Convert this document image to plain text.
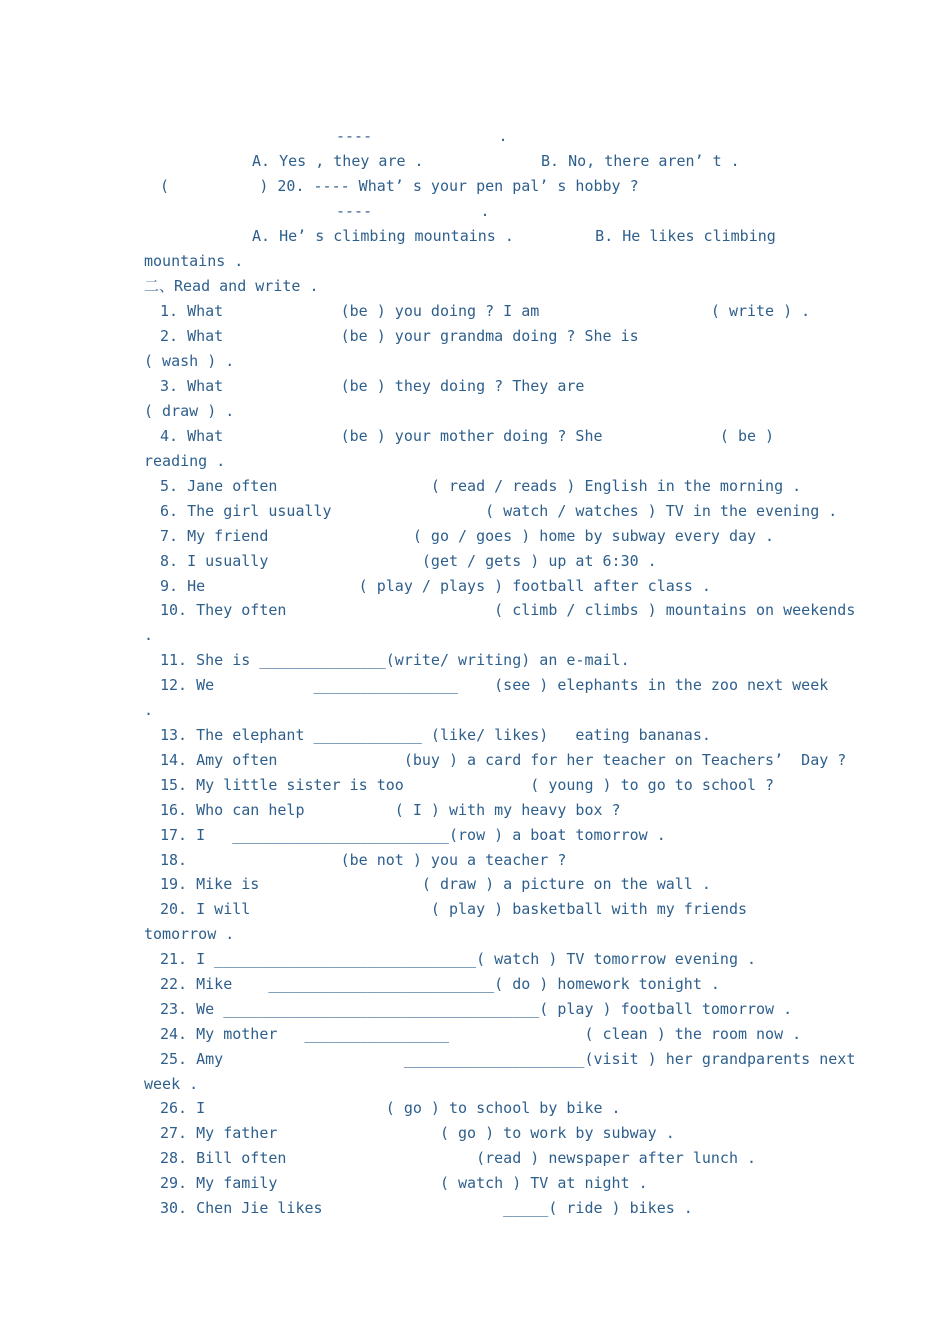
----              .
A. Yes , they are .             B. No, there aren’ t .
(          ) 20. ---- What’ s your pen pal’ s hobby ?
----            .
A. He’ s climbing mountains .         B. He likes climbing
mountains .
二、Read and write .
1. What             (be ) you doing ? I am                   ( write ) .
2. What             (be ) your grandma doing ? She is
( wash ) .
3. What             (be ) they doing ? They are
( draw ) .
4. What             (be ) your mother doing ? She             ( be )
reading .
5. Jane often                 ( read / reads ) English in the morning .
6. The girl usually                 ( watch / watches ) TV in the evening .
7. My friend                ( go / goes ) home by subway every day .
8. I usually                 (get / gets ) up at 6:30 .
9. He                 ( play / plays ) football after class .
10. They often                       ( climb / climbs ) mountains on weekends
.
11. She is ______________(write/ writing) an e-mail.
12. We           ________________    (see ) elephants in the zoo next week
.
13. The elephant ____________ (like/ likes)   eating bananas.
14. Amy often              (buy ) a card for her teacher on Teachers’  Day ?
15. My little sister is too              ( young ) to go to school ?
16. Who can help          ( I ) with my heavy box ?
17. I   ________________________(row ) a boat tomorrow .
18.                 (be not ) you a teacher ?
19. Mike is                  ( draw ) a picture on the wall .
20. I will                    ( play ) basketball with my friends
tomorrow .
21. I _____________________________( watch ) TV tomorrow evening .
22. Mike    _________________________( do ) homework tonight .
23. We ___________________________________( play ) football tomorrow .
24. My mother   ________________               ( clean ) the room now .
25. Amy                    ____________________(visit ) her grandparents next
week .
26. I                    ( go ) to school by bike .
27. My father                  ( go ) to work by subway .
28. Bill often                     (read ) newspaper after lunch .
29. My family                  ( watch ) TV at night .
30. Chen Jie likes                    _____( ride ) bikes .
